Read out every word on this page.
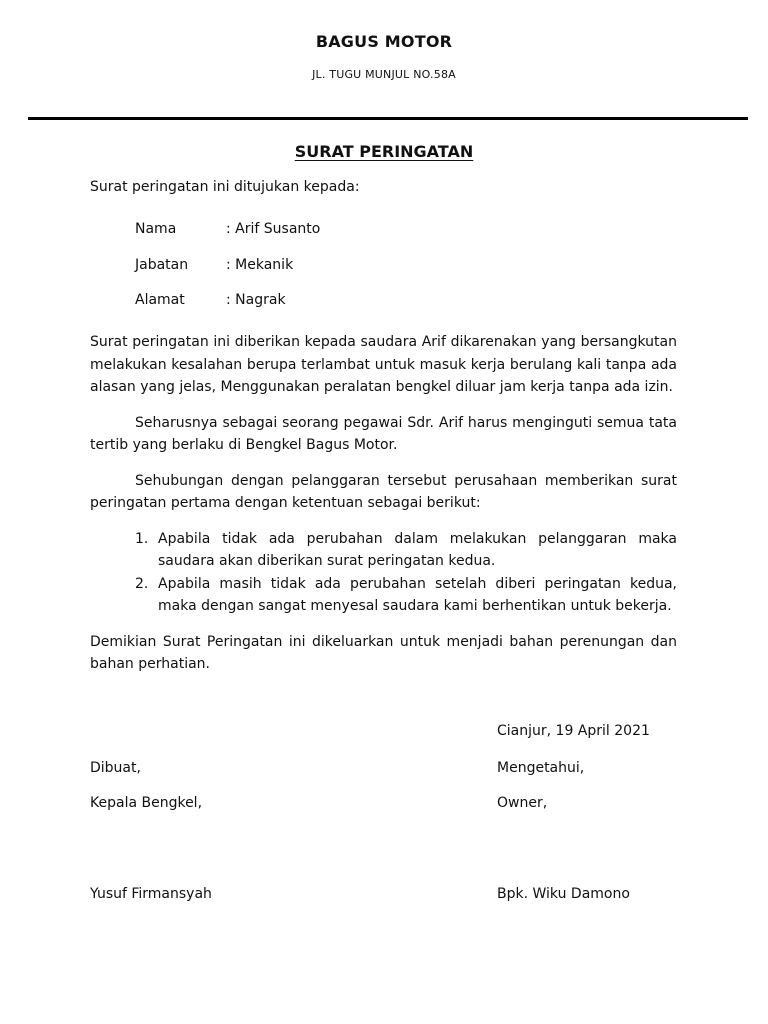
BAGUS MOTOR
JL. TUGU MUNJUL NO.58A
SURAT PERINGATAN

Surat peringatan ini ditujukan kepada:

Nama	: Arif Susanto
Jabatan	: Mekanik
Alamat	: Nagrak

Surat peringatan ini diberikan kepada saudara Arif dikarenakan yang bersangkutan melakukan kesalahan berupa terlambat untuk masuk kerja berulang kali tanpa ada alasan yang jelas, Menggunakan peralatan bengkel diluar jam kerja tanpa ada izin.

Seharusnya sebagai seorang pegawai Sdr. Arif harus menginguti semua tata tertib yang berlaku di Bengkel Bagus Motor.

Sehubungan dengan pelanggaran tersebut perusahaan memberikan surat peringatan pertama dengan ketentuan sebagai berikut:

1. Apabila tidak ada perubahan dalam melakukan pelanggaran maka saudara akan diberikan surat peringatan kedua.
2. Apabila masih tidak ada perubahan setelah diberi peringatan kedua, maka dengan sangat menyesal saudara kami berhentikan untuk bekerja.

Demikian Surat Peringatan ini dikeluarkan untuk menjadi bahan perenungan dan bahan perhatian.

Cianjur, 19 April 2021
Dibuat,	Mengetahui,
Kepala Bengkel,	Owner,
Yusuf Firmansyah	Bpk. Wiku Damono
